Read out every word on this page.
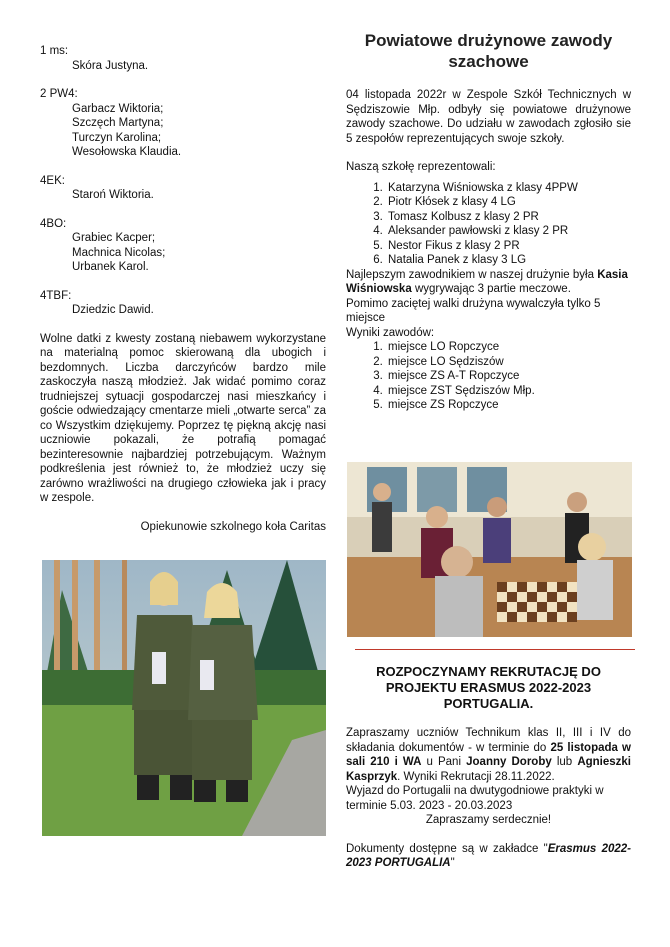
1 ms:
Skóra Justyna.
2 PW4:
Garbacz Wiktoria;
Szczęch Martyna;
Turczyn Karolina;
Wesołowska Klaudia.
4EK:
Staroń Wiktoria.
4BO:
Grabiec Kacper;
Machnica Nicolas;
Urbanek Karol.
4TBF:
Dziedzic Dawid.

Wolne datki z kwesty zostaną niebawem wykorzystane na materialną pomoc skierowaną dla ubogich i bezdomnych. Liczba darczyńców bardzo mile zaskoczyła naszą młodzież. Jak widać pomimo coraz trudniejszej sytuacji gospodarczej nasi mieszkańcy i goście odwiedzający cmentarze mieli „otwarte serca” za co Wszystkim dziękujemy. Poprzez tę piękną akcję nasi uczniowie pokazali, że potrafią pomagać bezinteresownie najbardziej potrzebującym. Ważnym podkreślenia jest również to, że młodzież uczy się zarówno wrażliwości na drugiego człowieka jak i pracy w zespole.

Opiekunowie szkolnego koła Caritas

Powiatowe drużynowe zawody szachowe

04 listopada 2022r w Zespole Szkół Technicznych w Sędziszowie Młp. odbyły się powiatowe drużynowe zawody szachowe. Do udziału w zawodach zgłosiło sie 5 zespołów reprezentujących swoje szkoły.

Naszą szkołę reprezentowali:

1. Katarzyna Wiśniowska z klasy 4PPW
2. Piotr Kłósek z klasy 4 LG
3. Tomasz Kolbusz z klasy 2 PR
4. Aleksander pawłowski z klasy 2 PR
5. Nestor Fikus z klasy 2 PR
6. Natalia Panek z klasy 3 LG

Najlepszym zawodnikiem w naszej drużynie była Kasia Wiśniowska wygrywając 3 partie meczowe.

Pomimo zaciętej walki drużyna wywalczyła tylko 5 miejsce

Wyniki zawodów:

1. miejsce LO Ropczyce
2. miejsce LO Sędziszów
3. miejsce ZS A-T Ropczyce
4. miejsce ZST Sędziszów Młp.
5. miejsce ZS Ropczyce
ROZPOCZYNAMY REKRUTACJĘ DO PROJEKTU ERASMUS 2022-2023 PORTUGALIA.

Zapraszamy uczniów Technikum klas II, III i IV do składania dokumentów - w terminie do 25 listopada w sali 210 i WA u Pani Joanny Doroby lub Agnieszki Kasprzyk. Wyniki Rekrutacji 28.11.2022.

Wyjazd do Portugalii na dwutygodniowe praktyki w terminie 5.03. 2023 - 20.03.2023

Zapraszamy serdecznie!

Dokumenty dostępne są w zakładce "Erasmus 2022-2023 PORTUGALIA"
